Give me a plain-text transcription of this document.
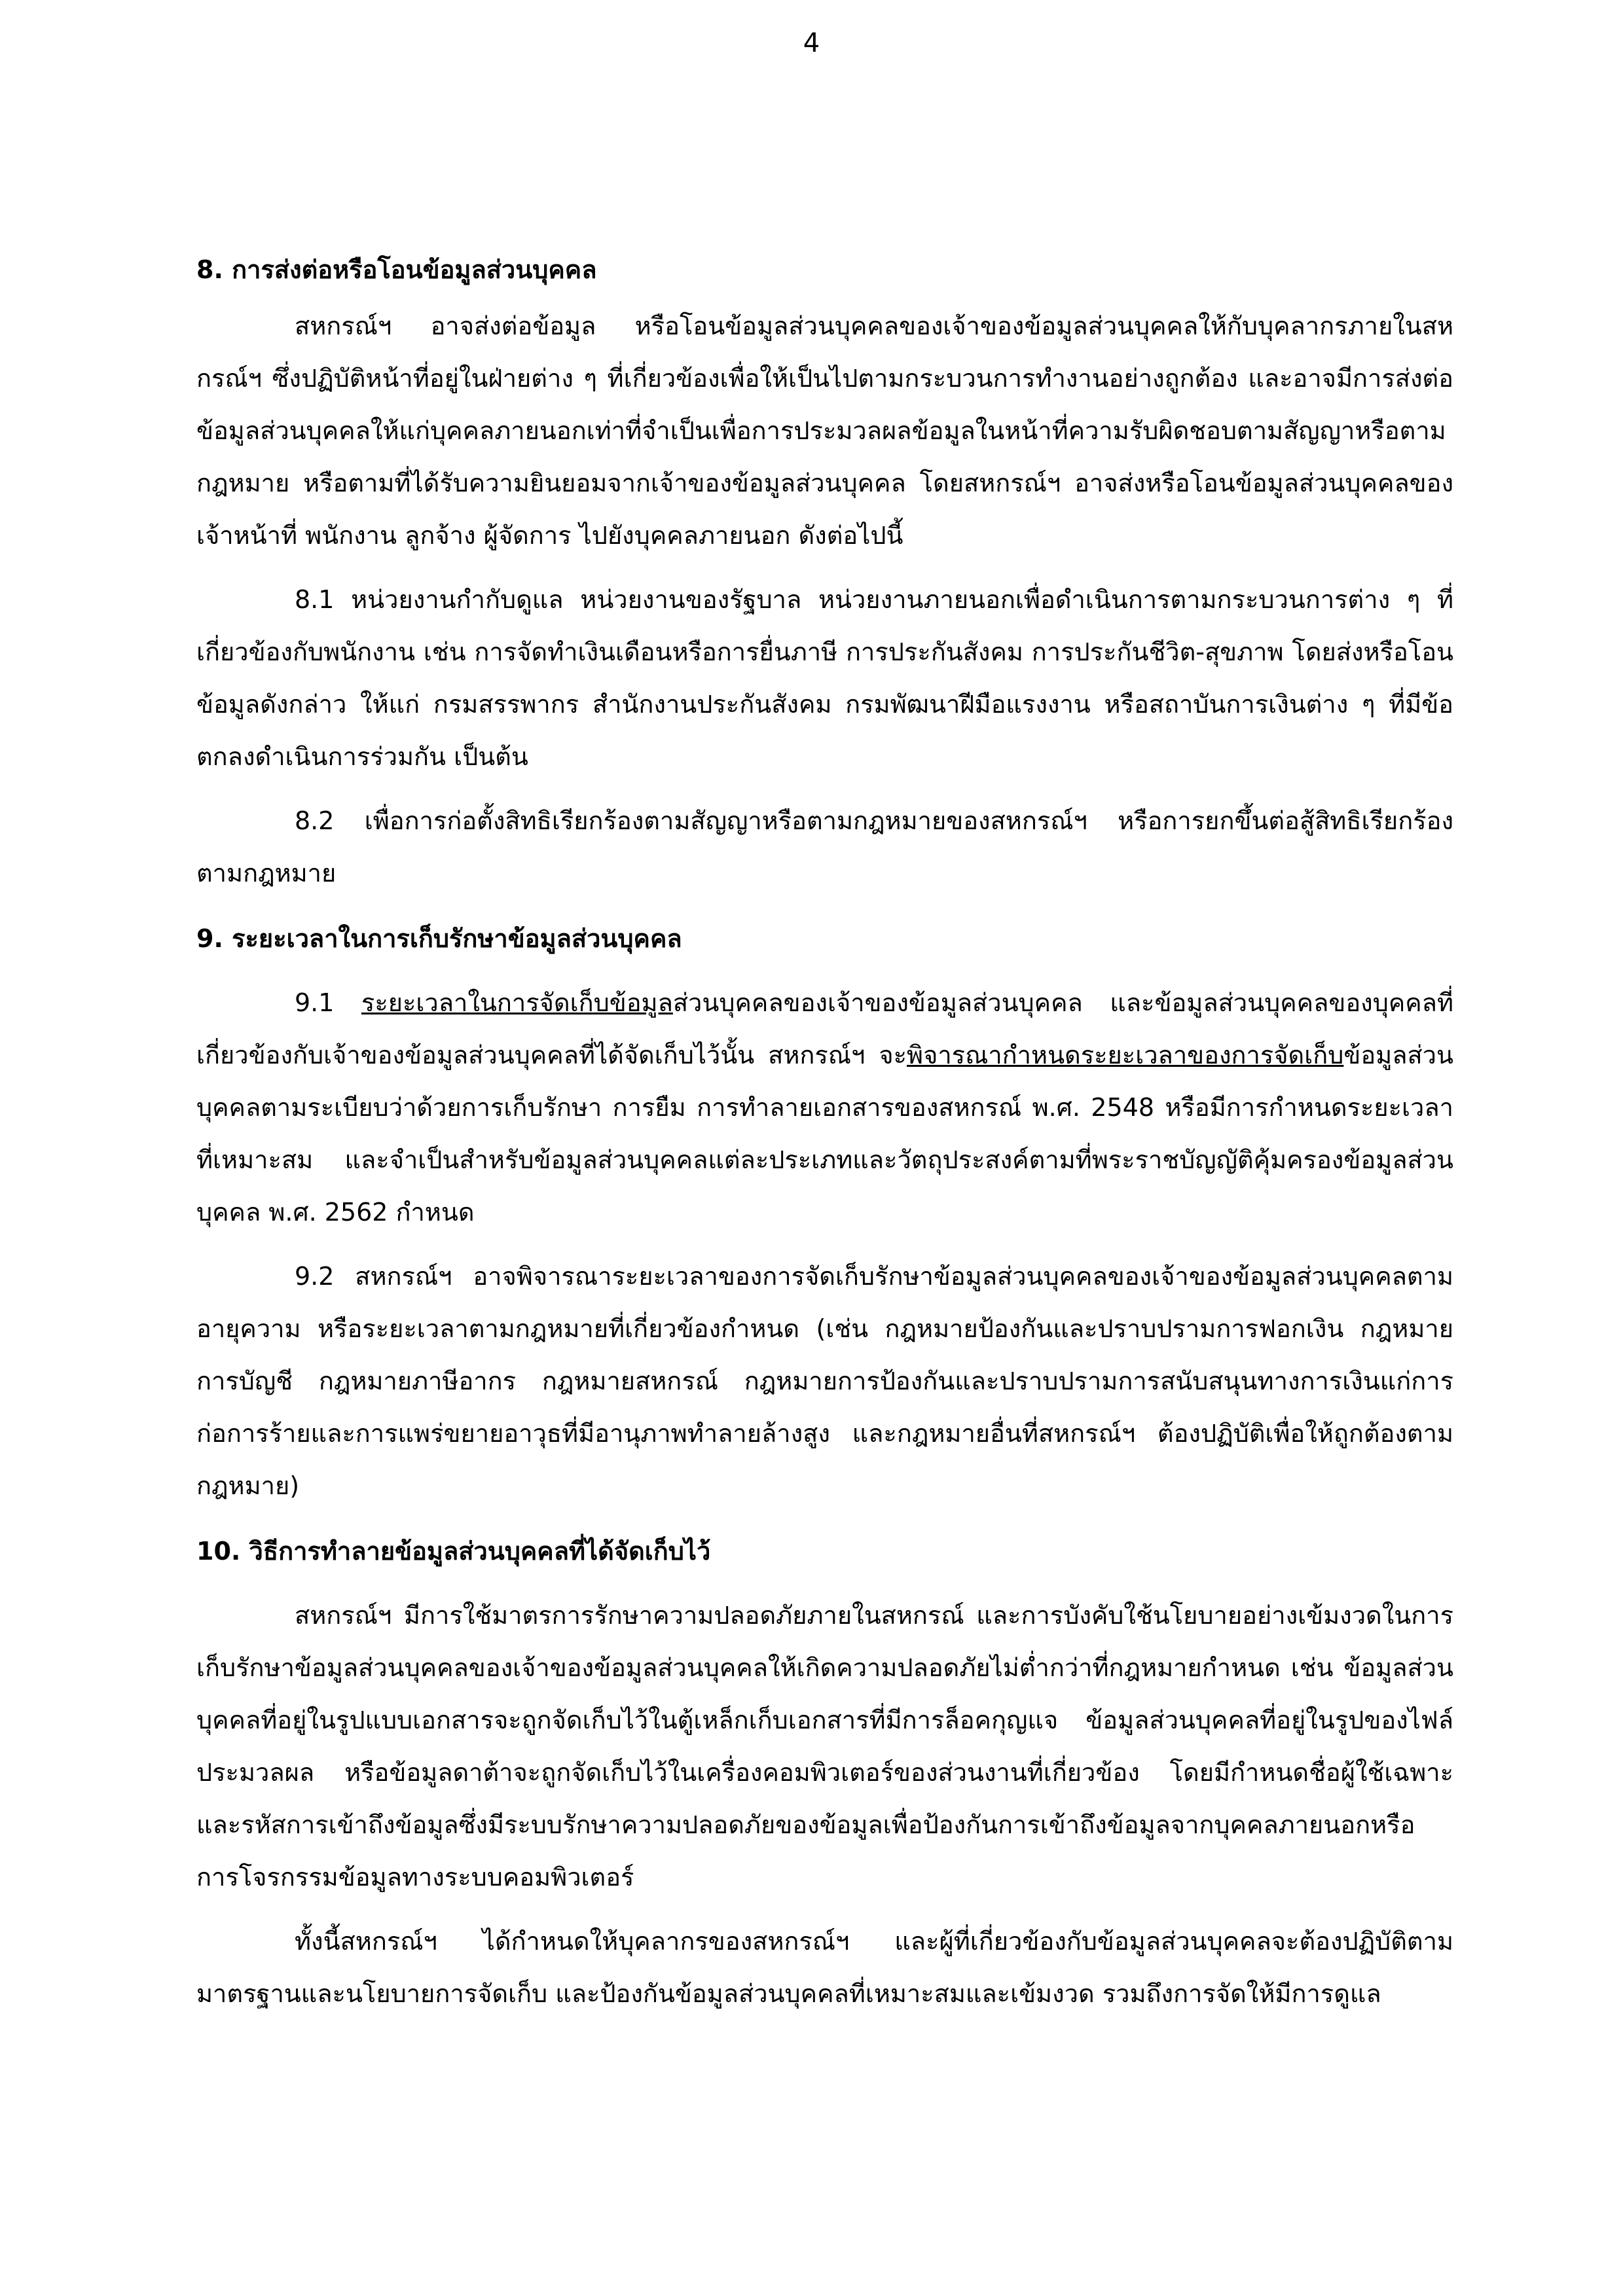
4
8. การส่งต่อหรือโอนข้อมูลส่วนบุคคล

สหกรณ์ฯ อาจส่งต่อข้อมูล หรือโอนข้อมูลส่วนบุคคลของเจ้าของข้อมูลส่วนบุคคลให้กับบุคลากรภายในสหกรณ์ฯ ซึ่งปฏิบัติหน้าที่อยู่ในฝ่ายต่าง ๆ ที่เกี่ยวข้องเพื่อให้เป็นไปตามกระบวนการทำงานอย่างถูกต้อง และอาจมีการส่งต่อข้อมูลส่วนบุคคลให้แก่บุคคลภายนอกเท่าที่จำเป็นเพื่อการประมวลผลข้อมูลในหน้าที่ความรับผิดชอบตามสัญญาหรือตามกฎหมาย หรือตามที่ได้รับความยินยอมจากเจ้าของข้อมูลส่วนบุคคล โดยสหกรณ์ฯ อาจส่งหรือโอนข้อมูลส่วนบุคคลของเจ้าหน้าที่ พนักงาน ลูกจ้าง ผู้จัดการ ไปยังบุคคลภายนอก ดังต่อไปนี้

8.1 หน่วยงานกำกับดูแล หน่วยงานของรัฐบาล หน่วยงานภายนอกเพื่อดำเนินการตามกระบวนการต่าง ๆ ที่เกี่ยวข้องกับพนักงาน เช่น การจัดทำเงินเดือนหรือการยื่นภาษี การประกันสังคม การประกันชีวิต-สุขภาพ โดยส่งหรือโอนข้อมูลดังกล่าว ให้แก่ กรมสรรพากร สำนักงานประกันสังคม กรมพัฒนาฝีมือแรงงาน หรือสถาบันการเงินต่าง ๆ ที่มีข้อตกลงดำเนินการร่วมกัน เป็นต้น

8.2 เพื่อการก่อตั้งสิทธิเรียกร้องตามสัญญาหรือตามกฎหมายของสหกรณ์ฯ หรือการยกขึ้นต่อสู้สิทธิเรียกร้องตามกฎหมาย

9. ระยะเวลาในการเก็บรักษาข้อมูลส่วนบุคคล

9.1 ระยะเวลาในการจัดเก็บข้อมูลส่วนบุคคลของเจ้าของข้อมูลส่วนบุคคล และข้อมูลส่วนบุคคลของบุคคลที่เกี่ยวข้องกับเจ้าของข้อมูลส่วนบุคคลที่ได้จัดเก็บไว้นั้น สหกรณ์ฯ จะพิจารณากำหนดระยะเวลาของการจัดเก็บข้อมูลส่วนบุคคลตามระเบียบว่าด้วยการเก็บรักษา การยืม การทำลายเอกสารของสหกรณ์ พ.ศ. 2548 หรือมีการกำหนดระยะเวลาที่เหมาะสม และจำเป็นสำหรับข้อมูลส่วนบุคคลแต่ละประเภทและวัตถุประสงค์ตามที่พระราชบัญญัติคุ้มครองข้อมูลส่วนบุคคล พ.ศ. 2562 กำหนด

9.2 สหกรณ์ฯ อาจพิจารณาระยะเวลาของการจัดเก็บรักษาข้อมูลส่วนบุคคลของเจ้าของข้อมูลส่วนบุคคลตามอายุความ หรือระยะเวลาตามกฎหมายที่เกี่ยวข้องกำหนด (เช่น กฎหมายป้องกันและปราบปรามการฟอกเงิน กฎหมายการบัญชี กฎหมายภาษีอากร กฎหมายสหกรณ์ กฎหมายการป้องกันและปราบปรามการสนับสนุนทางการเงินแก่การก่อการร้ายและการแพร่ขยายอาวุธที่มีอานุภาพทำลายล้างสูง และกฎหมายอื่นที่สหกรณ์ฯ ต้องปฏิบัติเพื่อให้ถูกต้องตามกฎหมาย)

10. วิธีการทำลายข้อมูลส่วนบุคคลที่ได้จัดเก็บไว้

สหกรณ์ฯ มีการใช้มาตรการรักษาความปลอดภัยภายในสหกรณ์ และการบังคับใช้นโยบายอย่างเข้มงวดในการเก็บรักษาข้อมูลส่วนบุคคลของเจ้าของข้อมูลส่วนบุคคลให้เกิดความปลอดภัยไม่ต่ำกว่าที่กฎหมายกำหนด เช่น ข้อมูลส่วนบุคคลที่อยู่ในรูปแบบเอกสารจะถูกจัดเก็บไว้ในตู้เหล็กเก็บเอกสารที่มีการล็อคกุญแจ ข้อมูลส่วนบุคคลที่อยู่ในรูปของไฟล์ประมวลผล หรือข้อมูลดาต้าจะถูกจัดเก็บไว้ในเครื่องคอมพิวเตอร์ของส่วนงานที่เกี่ยวข้อง โดยมีกำหนดชื่อผู้ใช้เฉพาะ และรหัสการเข้าถึงข้อมูลซึ่งมีระบบรักษาความปลอดภัยของข้อมูลเพื่อป้องกันการเข้าถึงข้อมูลจากบุคคลภายนอกหรือการโจรกรรมข้อมูลทางระบบคอมพิวเตอร์

ทั้งนี้สหกรณ์ฯ ได้กำหนดให้บุคลากรของสหกรณ์ฯ และผู้ที่เกี่ยวข้องกับข้อมูลส่วนบุคคลจะต้องปฏิบัติตามมาตรฐานและนโยบายการจัดเก็บ และป้องกันข้อมูลส่วนบุคคลที่เหมาะสมและเข้มงวด รวมถึงการจัดให้มีการดูแล
